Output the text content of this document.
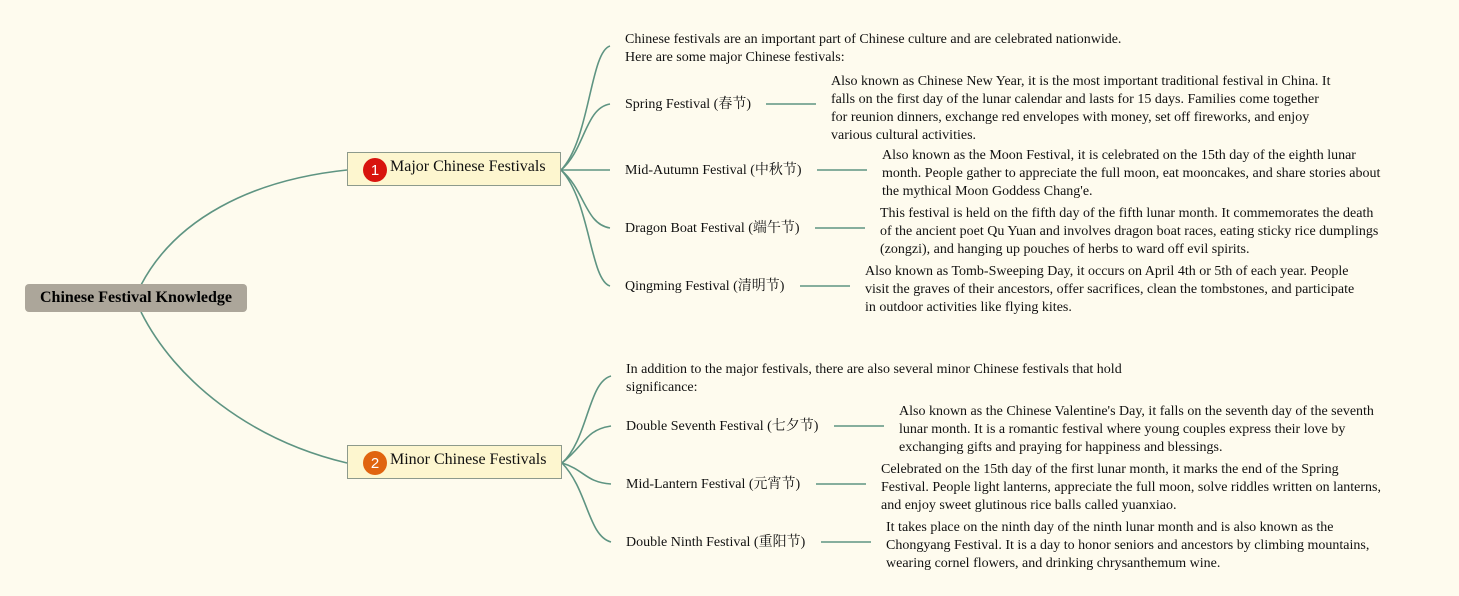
Chinese Festival Knowledge
1 Major Chinese Festivals
Chinese festivals are an important part of Chinese culture and are celebrated nationwide. Here are some major Chinese festivals:
Spring Festival (春节)
Also known as Chinese New Year, it is the most important traditional festival in China. It falls on the first day of the lunar calendar and lasts for 15 days. Families come together for reunion dinners, exchange red envelopes with money, set off fireworks, and enjoy various cultural activities.
Mid-Autumn Festival (中秋节)
Also known as the Moon Festival, it is celebrated on the 15th day of the eighth lunar month. People gather to appreciate the full moon, eat mooncakes, and share stories about the mythical Moon Goddess Chang'e.
Dragon Boat Festival (端午节)
This festival is held on the fifth day of the fifth lunar month. It commemorates the death of the ancient poet Qu Yuan and involves dragon boat races, eating sticky rice dumplings (zongzi), and hanging up pouches of herbs to ward off evil spirits.
Qingming Festival (清明节)
Also known as Tomb-Sweeping Day, it occurs on April 4th or 5th of each year. People visit the graves of their ancestors, offer sacrifices, clean the tombstones, and participate in outdoor activities like flying kites.
2 Minor Chinese Festivals
In addition to the major festivals, there are also several minor Chinese festivals that hold significance:
Double Seventh Festival (七夕节)
Also known as the Chinese Valentine's Day, it falls on the seventh day of the seventh lunar month. It is a romantic festival where young couples express their love by exchanging gifts and praying for happiness and blessings.
Mid-Lantern Festival (元宵节)
Celebrated on the 15th day of the first lunar month, it marks the end of the Spring Festival. People light lanterns, appreciate the full moon, solve riddles written on lanterns, and enjoy sweet glutinous rice balls called yuanxiao.
Double Ninth Festival (重阳节)
It takes place on the ninth day of the ninth lunar month and is also known as the Chongyang Festival. It is a day to honor seniors and ancestors by climbing mountains, wearing cornel flowers, and drinking chrysanthemum wine.
